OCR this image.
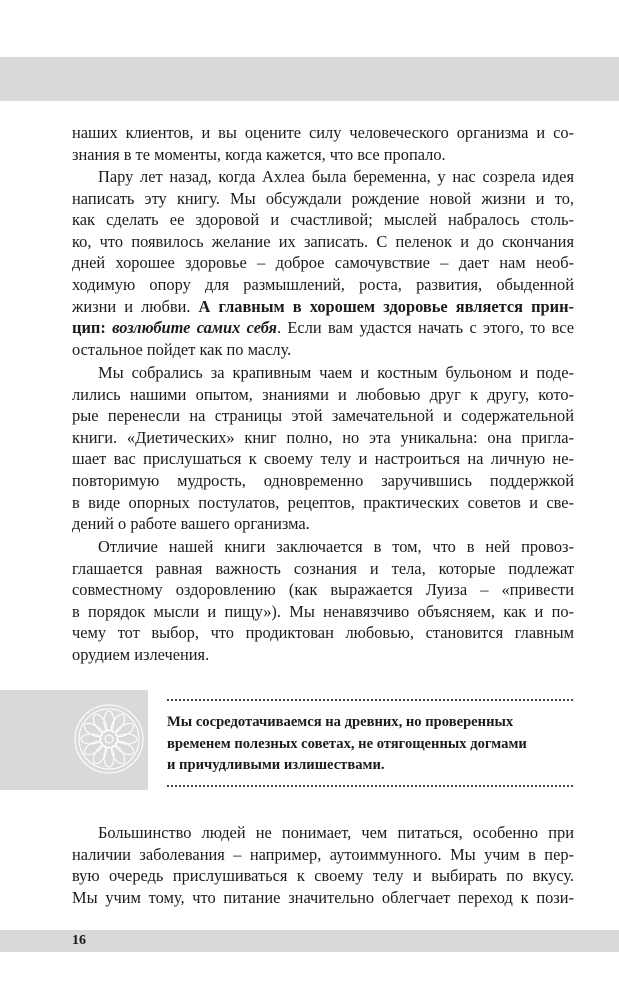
наших клиентов, и вы оцените силу человеческого организма и со-
знания в те моменты, когда кажется, что все пропало.
Пару лет назад, когда Ахлеа была беременна, у нас созрела идея
написать эту книгу. Мы обсуждали рождение новой жизни и то,
как сделать ее здоровой и счастливой; мыслей набралось столь-
ко, что появилось желание их записать. С пеленок и до скончания
дней хорошее здоровье – доброе самочувствие – дает нам необ-
ходимую опору для размышлений, роста, развития, обыденной
жизни и любви. А главным в хорошем здоровье является прин-
цип: возлюбите самих себя. Если вам удастся начать с этого, то все
остальное пойдет как по маслу.
Мы собрались за крапивным чаем и костным бульоном и поде-
лились нашими опытом, знаниями и любовью друг к другу, кото-
рые перенесли на страницы этой замечательной и содержательной
книги. «Диетических» книг полно, но эта уникальна: она пригла-
шает вас прислушаться к своему телу и настроиться на личную не-
повторимую мудрость, одновременно заручившись поддержкой
в виде опорных постулатов, рецептов, практических советов и све-
дений о работе вашего организма.
Отличие нашей книги заключается в том, что в ней провоз-
глашается равная важность сознания и тела, которые подлежат
совместному оздоровлению (как выражается Луиза – «привести
в порядок мысли и пищу»). Мы ненавязчиво объясняем, как и по-
чему тот выбор, что продиктован любовью, становится главным
орудием излечения.
Мы сосредотачиваемся на древних, но проверенных
временем полезных советах, не отягощенных догмами
и причудливыми излишествами.
Большинство людей не понимает, чем питаться, особенно при
наличии заболевания – например, аутоиммунного. Мы учим в пер-
вую очередь прислушиваться к своему телу и выбирать по вкусу.
Мы учим тому, что питание значительно облегчает переход к пози-
16
